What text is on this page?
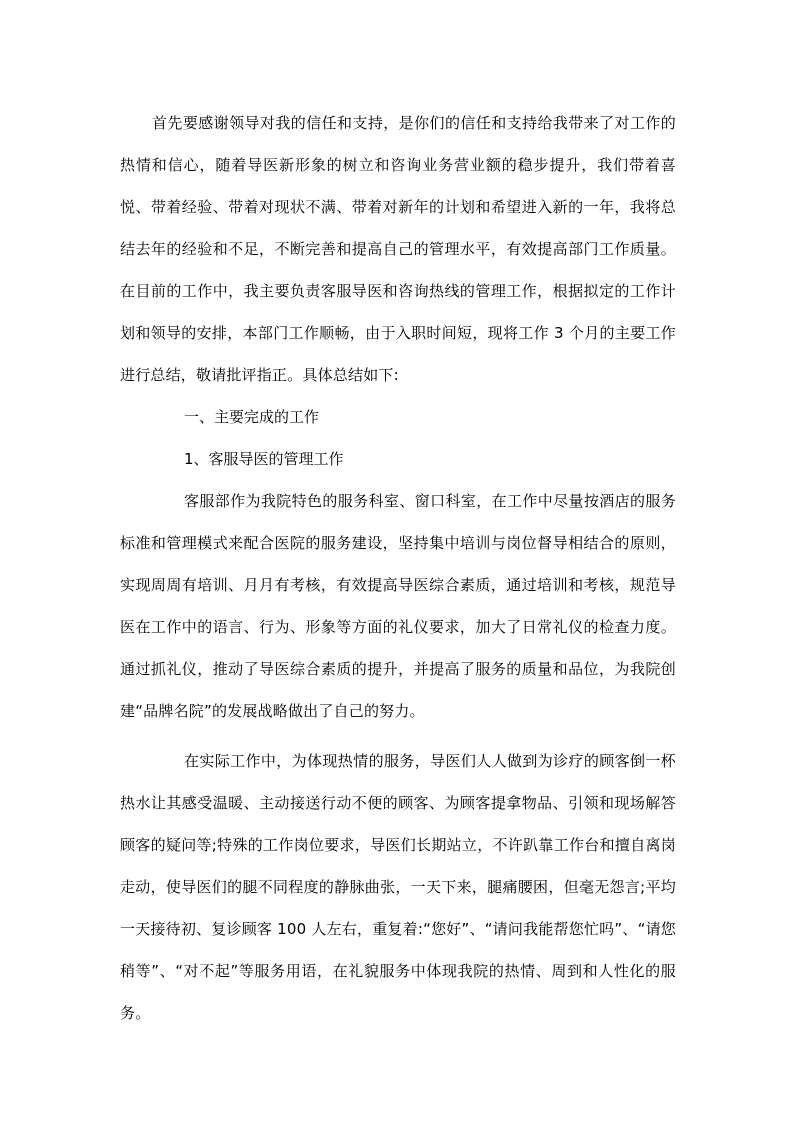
首先要感谢领导对我的信任和支持，是你们的信任和支持给我带来了对工作的热情和信心，随着导医新形象的树立和咨询业务营业额的稳步提升，我们带着喜悦、带着经验、带着对现状不满、带着对新年的计划和希望进入新的一年，我将总结去年的经验和不足，不断完善和提高自己的管理水平，有效提高部门工作质量。在目前的工作中，我主要负责客服导医和咨询热线的管理工作，根据拟定的工作计划和领导的安排，本部门工作顺畅，由于入职时间短，现将工作 3 个月的主要工作进行总结，敬请批评指正。具体总结如下:

一、主要完成的工作

1、客服导医的管理工作

客服部作为我院特色的服务科室、窗口科室，在工作中尽量按酒店的服务标准和管理模式来配合医院的服务建设，坚持集中培训与岗位督导相结合的原则，实现周周有培训、月月有考核，有效提高导医综合素质，通过培训和考核，规范导医在工作中的语言、行为、形象等方面的礼仪要求，加大了日常礼仪的检查力度。通过抓礼仪，推动了导医综合素质的提升，并提高了服务的质量和品位，为我院创建“品牌名院”的发展战略做出了自己的努力。

在实际工作中，为体现热情的服务，导医们人人做到为诊疗的顾客倒一杯热水让其感受温暖、主动接送行动不便的顾客、为顾客提拿物品、引领和现场解答顾客的疑问等;特殊的工作岗位要求，导医们长期站立，不许趴靠工作台和擅自离岗走动，使导医们的腿不同程度的静脉曲张，一天下来，腿痛腰困，但毫无怨言;平均一天接待初、复诊顾客 100 人左右，重复着:“您好”、“请问我能帮您忙吗”、“请您稍等”、“对不起”等服务用语，在礼貌服务中体现我院的热情、周到和人性化的服务。
